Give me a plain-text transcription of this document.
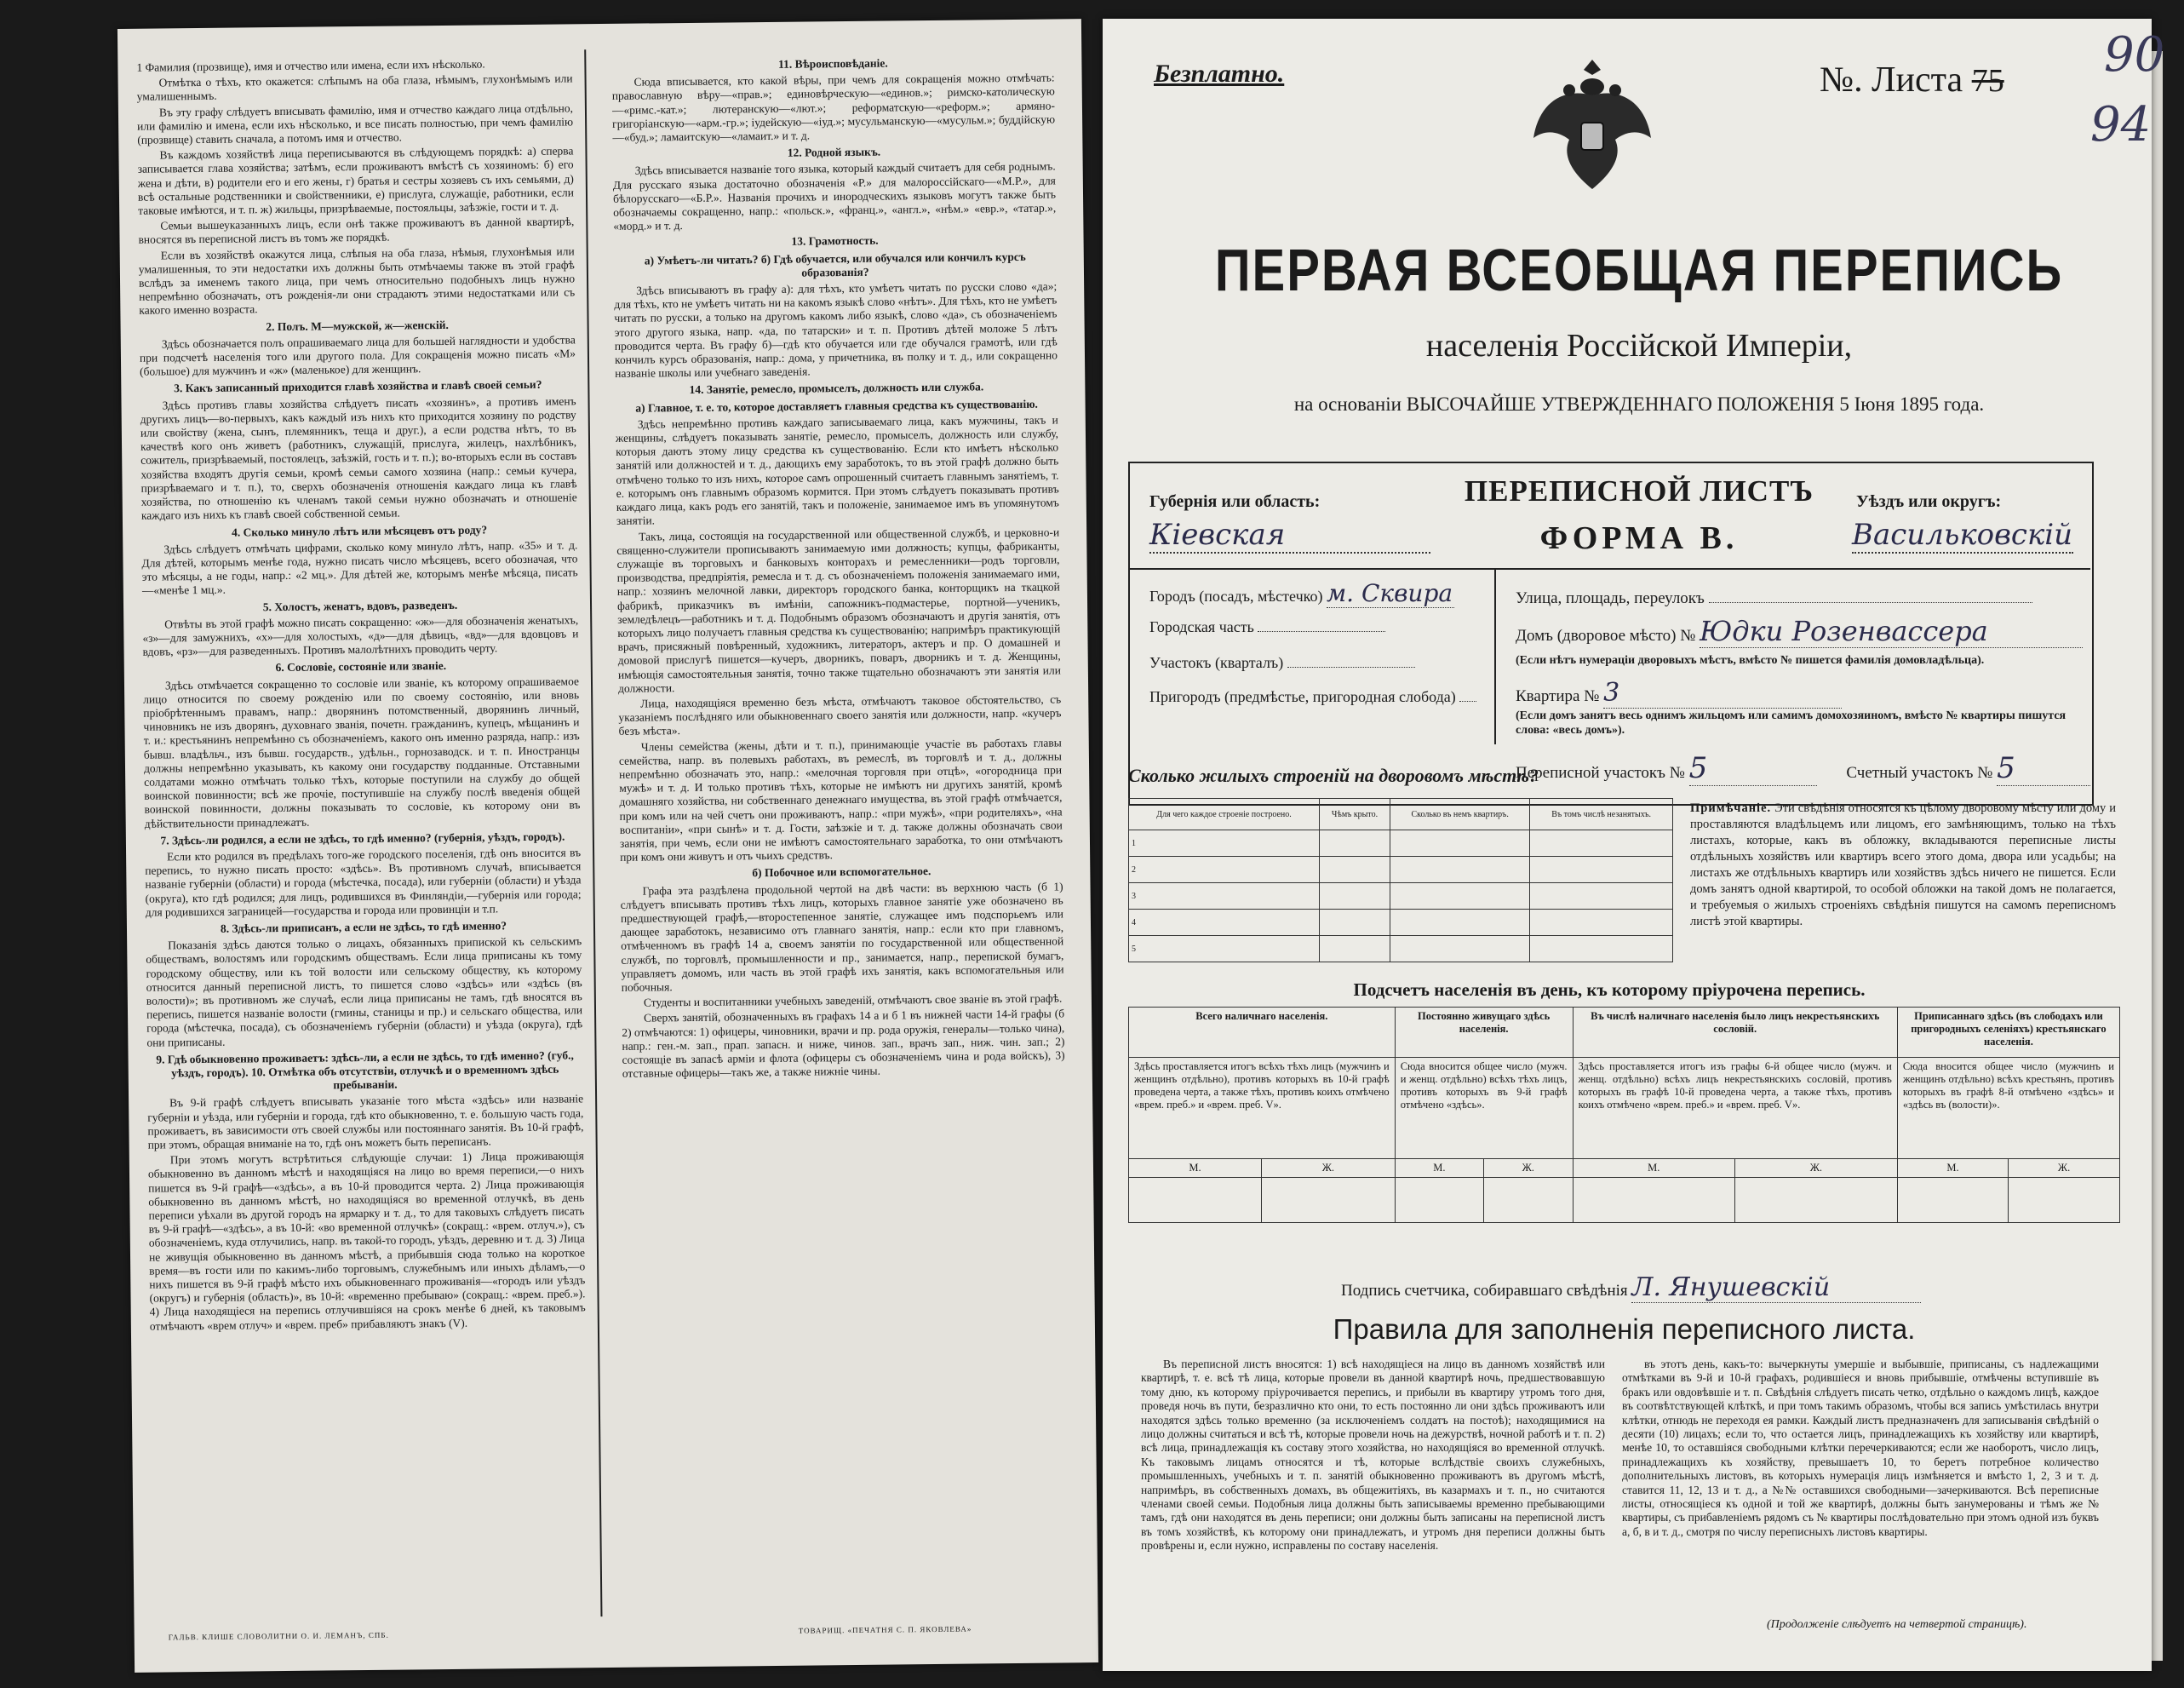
1 Фамилия (прозвище), имя и отчество или имена, если ихъ нѣсколько.

Отмѣтка о тѣхъ, кто окажется: слѣпымъ на оба глаза, нѣмымъ, глухонѣмымъ или умалишеннымъ.

Въ эту графу слѣдуетъ вписывать фамилію, имя и отчество каждаго лица отдѣльно, или фамилію и имена, если ихъ нѣсколько, и все писать полностью, при чемъ фамилію (прозвище) ставить сначала, а потомъ имя и отчество.

Въ каждомъ хозяйствѣ лица переписываются въ слѣдующемъ порядкѣ: а) сперва записывается глава хозяйства; затѣмъ, если проживаютъ вмѣстѣ съ хозяиномъ: б) его жена и дѣти, в) родители его и его жены, г) братья и сестры хозяевъ съ ихъ семьями, д) всѣ остальные родственники и свойственники, е) прислуга, служащіе, работники, если таковые имѣются, и т. п. ж) жильцы, призрѣваемые, постояльцы, заѣзжіе, гости и т. д.

Семьи вышеуказанныхъ лицъ, если онѣ также проживаютъ въ данной квартирѣ, вносятся въ переписной листъ въ томъ же порядкѣ.

Если въ хозяйствѣ окажутся лица, слѣпыя на оба глаза, нѣмыя, глухонѣмыя или умалишенныя, то эти недостатки ихъ должны быть отмѣчаемы также въ этой графѣ вслѣдъ за именемъ такого лица, при чемъ относительно подобныхъ лицъ нужно непремѣнно обозначать, отъ рожденія-ли они страдаютъ этими недостатками или съ какого именно возраста.

2. Полъ. М—мужской, ж—женскій.

Здѣсь обозначается полъ опрашиваемаго лица для большей наглядности и удобства при подсчетѣ населенія того или другого пола. Для сокращенія можно писать «М» (большое) для мужчинъ и «ж» (маленькое) для женщинъ.

3. Какъ записанный приходится главѣ хозяйства и главѣ своей семьи?

Здѣсь противъ главы хозяйства слѣдуетъ писать «хозяинъ», а противъ именъ другихъ лицъ—во-первыхъ, какъ каждый изъ нихъ кто приходится хозяину по родству или свойству (жена, сынъ, племянникъ, теща и друг.), а если родства нѣтъ, то въ качествѣ кого онъ живетъ (работникъ, служащій, прислуга, жилецъ, нахлѣбникъ, сожитель, призрѣваемый, постоялецъ, заѣзжій, гость и т. п.); во-вторыхъ если въ составъ хозяйства входятъ другія семьи, кромѣ семьи самого хозяина (напр.: семьи кучера, призрѣваемаго и т. п.), то, сверхъ обозначенія отношенія каждаго лица къ главѣ хозяйства, по отношенію къ членамъ такой семьи нужно обозначать и отношеніе каждаго изъ нихъ къ главѣ своей собственной семьи.

4. Сколько минуло лѣтъ или мѣсяцевъ отъ роду?

Здѣсь слѣдуетъ отмѣчать цифрами, сколько кому минуло лѣтъ, напр. «35» и т. д. Для дѣтей, которымъ менѣе года, нужно писать число мѣсяцевъ, всего обозначая, что это мѣсяцы, а не годы, напр.: «2 мц.». Для дѣтей же, которымъ менѣе мѣсяца, писать—«менѣе 1 мц.».

5. Холостъ, женатъ, вдовъ, разведенъ.

Отвѣты въ этой графѣ можно писать сокращенно: «ж»—для обозначенія женатыхъ, «з»—для замужнихъ, «х»—для холостыхъ, «д»—для дѣвицъ, «вд»—для вдовцовъ и вдовъ, «рз»—для разведенныхъ. Противъ малолѣтнихъ проводить черту.

6. Сословіе, состояніе или званіе.

Здѣсь отмѣчается сокращенно то сословіе или званіе, къ которому опрашиваемое лицо относится по своему рожденію или по своему состоянію, или вновь пріобрѣтеннымъ правамъ, напр.: дворянинъ потомственный, дворянинъ личный, чиновникъ не изъ дворянъ, духовнаго званія, почетн. гражданинъ, купецъ, мѣщанинъ и т. и.: крестьянинъ непремѣнно съ обозначеніемъ, какого онъ именно разряда, напр.: изъ бывш. владѣльч., изъ бывш. государств., удѣльн., горнозаводск. и т. п. Иностранцы должны непремѣнно указывать, къ какому они государству подданные. Отставными солдатами можно отмѣчать только тѣхъ, которые поступили на службу до общей воинской повинности; всѣ же прочіе, поступившіе на службу послѣ введенія общей воинской повинности, должны показывать то сословіе, къ которому они въ дѣйствительности принадлежатъ.

7. Здѣсь-ли родился, а если не здѣсь, то гдѣ именно? (губернія, уѣздъ, городъ).

Если кто родился въ предѣлахъ того-же городского поселенія, гдѣ онъ вносится въ перепись, то нужно писать просто: «здѣсь». Въ противномъ случаѣ, вписывается названіе губерніи (области) и города (мѣстечка, посада), или губерніи (области) и уѣзда (округа), кто гдѣ родился; для лицъ, родившихся въ Финляндіи,—губернія или города; для родившихся заграницей—государства и города или провинціи и т.п.

8. Здѣсь-ли приписанъ, а если не здѣсь, то гдѣ именно?

Показанія здѣсь даются только о лицахъ, обязанныхъ припиской къ сельскимъ обществамъ, волостямъ или городскимъ обществамъ. Если лица приписаны къ тому городскому обществу, или къ той волости или сельскому обществу, къ которому относится данный переписной листъ, то пишется слово «здѣсь» или «здѣсь (въ волости)»; въ противномъ же случаѣ, если лица приписаны не тамъ, гдѣ вносятся въ перепись, пишется названіе волости (гмины, станицы и пр.) и сельскаго общества, или города (мѣстечка, посада), съ обозначеніемъ губерніи (области) и уѣзда (округа), гдѣ они приписаны.

9. Гдѣ обыкновенно проживаетъ: здѣсь-ли, а если не здѣсь, то гдѣ именно? (губ., уѣздъ, городъ). 10. Отмѣтка объ отсутствіи, отлучкѣ и о временномъ здѣсь пребываніи.

Въ 9-й графѣ слѣдуетъ вписывать указаніе того мѣста «здѣсь» или названіе губерніи и уѣзда, или губерніи и города, гдѣ кто обыкновенно, т. е. большую часть года, проживаетъ, въ зависимости отъ своей службы или постояннаго занятія. Въ 10-й графѣ, при этомъ, обращая вниманіе на то, гдѣ онъ можетъ быть переписанъ.

При этомъ могутъ встрѣтиться слѣдующіе случаи: 1) Лица проживающія обыкновенно въ данномъ мѣстѣ и находящіяся на лицо во время переписи,—о нихъ пишется въ 9-й графѣ—«здѣсь», а въ 10-й проводится черта. 2) Лица проживающія обыкновенно въ данномъ мѣстѣ, но находящіяся во временной отлучкѣ, въ день переписи уѣхали въ другой городъ на ярмарку и т. д., то для таковыхъ слѣдуетъ писать въ 9-й графѣ—«здѣсь», а въ 10-й: «во временной отлучкѣ» (сокращ.: «врем. отлуч.»), съ обозначеніемъ, куда отлучились, напр. въ такой-то городъ, уѣздъ, деревню и т. д. 3) Лица не живущія обыкновенно въ данномъ мѣстѣ, а прибывшія сюда только на короткое время—въ гости или по какимъ-либо торговымъ, служебнымъ или иныхъ дѣламъ,—о нихъ пишется въ 9-й графѣ мѣсто ихъ обыкновеннаго проживанія—«городъ или уѣздъ (округъ) и губернія (область)», въ 10-й: «временно пребываю» (сокращ.: «врем. преб.»). 4) Лица находящіеся на перепись отлучившіяся на срокъ менѣе 6 дней, къ таковымъ отмѣчаютъ «врем отлуч» и «врем. преб» прибавляютъ знакъ (V).

11. Вѣроисповѣданіе.

Сюда вписывается, кто какой вѣры, при чемъ для сокращенія можно отмѣчать: православную вѣру—«прав.»; единовѣрческую—«единов.»; римско-католическую—«римс.-кат.»; лютеранскую—«лют.»; реформатскую—«реформ.»; армяно-григоріанскую—«арм.-гр.»; іудейскую—«іуд.»; мусульманскую—«мусульм.»; буддійскую—«буд.»; ламаитскую—«ламаит.» и т. д.

12. Родной языкъ.

Здѣсь вписывается названіе того языка, который каждый считаетъ для себя роднымъ. Для русскаго языка достаточно обозначенія «Р.» для малороссійскаго—«М.Р.», для бѣлорусскаго—«Б.Р.». Названія прочихъ и инородческихъ языковъ могутъ также быть обозначаемы сокращенно, напр.: «польск.», «франц.», «англ.», «нѣм.» «евр.», «татар.», «морд.» и т. д.

13. Грамотность.

а) Умѣетъ-ли читать? б) Гдѣ обучается, или обучался или кончилъ курсъ образованія?

Здѣсь вписываютъ въ графу а): для тѣхъ, кто умѣетъ читать по русски слово «да»; для тѣхъ, кто не умѣетъ читать ни на какомъ языкѣ слово «нѣтъ». Для тѣхъ, кто не умѣетъ читать по русски, а только на другомъ какомъ либо языкѣ, слово «да», съ обозначеніемъ этого другого языка, напр. «да, по татарски» и т. п. Противъ дѣтей моложе 5 лѣтъ проводится черта. Въ графу б)—гдѣ кто обучается или где обучался грамотѣ, или гдѣ кончилъ курсъ образованія, напр.: дома, у причетника, въ полку и т. д., или сокращенно названіе школы или учебнаго заведенія.

14. Занятіе, ремесло, промыселъ, должность или служба.

а) Главное, т. е. то, которое доставляетъ главныя средства къ существованію.

Здѣсь непремѣнно противъ каждаго записываемаго лица, какъ мужчины, такъ и женщины, слѣдуетъ показывать занятіе, ремесло, промыселъ, должность или службу, которыя даютъ этому лицу средства къ существованію. Если кто имѣетъ нѣсколько занятій или должностей и т. д., дающихъ ему заработокъ, то въ этой графѣ должно быть отмѣчено только то изъ нихъ, которое самъ опрошенный считаетъ главнымъ занятіемъ, т. е. которымъ онъ главнымъ образомъ кормится. При этомъ слѣдуетъ показывать противъ каждаго лица, какъ родъ его занятій, такъ и положеніе, занимаемое имъ въ упомянутомъ занятіи.

Такъ, лица, состоящія на государственной или общественной службѣ, и церковно-и священно-служители прописываютъ занимаемую ими должность; купцы, фабриканты, служащіе въ торговыхъ и банковыхъ конторахъ и ремесленники—родъ торговли, производства, предпріятія, ремесла и т. д. съ обозначеніемъ положенія занимаемаго ими, напр.: хозяинъ мелочной лавки, директоръ городского банка, конторщикъ на ткацкой фабрикѣ, приказчикъ въ имѣніи, сапожникъ-подмастерье, портной—ученикъ, земледѣлецъ—работникъ и т. д. Подобнымъ образомъ обозначаютъ и другія занятія, отъ которыхъ лицо получаетъ главныя средства къ существованію; напримѣръ практикующій врачъ, присяжный повѣренный, художникъ, литераторъ, актеръ и пр. О домашней и домовой прислугѣ пишется—кучеръ, дворникъ, поваръ, дворникъ и т. д. Женщины, имѣющія самостоятельныя занятія, точно также тщательно обозначаютъ эти занятія или должности.

Лица, находящіяся временно безъ мѣста, отмѣчаютъ таковое обстоятельство, съ указаніемъ послѣдняго или обыкновеннаго своего занятія или должности, напр. «кучеръ безъ мѣста».

Члены семейства (жены, дѣти и т. п.), принимающіе участіе въ работахъ главы семейства, напр. въ полевыхъ работахъ, въ ремеслѣ, въ торговлѣ и т. д., должны непремѣнно обозначать это, напр.: «мелочная торговля при отцѣ», «огородница при мужѣ» и т. д. И только противъ тѣхъ, которые не имѣютъ ни другихъ занятій, кромѣ домашняго хозяйства, ни собственнаго денежнаго имущества, въ этой графѣ отмѣчается, при комъ или на чей счетъ они проживаютъ, напр.: «при мужѣ», «при родителяхъ», «на воспитаніи», «при сынѣ» и т. д. Гости, заѣзжіе и т. д. также должны обозначать свои занятія, при чемъ, если они не имѣютъ самостоятельнаго заработка, то они отмѣчаютъ при комъ они живутъ и отъ чьихъ средствъ.

б) Побочное или вспомогательное.

Графа эта раздѣлена продольной чертой на двѣ части: въ верхнюю часть (б 1) слѣдуетъ вписывать противъ тѣхъ лицъ, которыхъ главное занятіе уже обозначено въ предшествующей графѣ,—второстепенное занятіе, служащее имъ подспорьемъ или дающее заработокъ, независимо отъ главнаго занятія, напр.: если кто при главномъ, отмѣченномъ въ графѣ 14 а, своемъ занятіи по государственной или общественной службѣ, по торговлѣ, промышленности и пр., занимается, напр., перепиской бумагъ, управляетъ домомъ, или часть въ этой графѣ ихъ занятія, какъ вспомогательныя или побочныя.

Студенты и воспитанники учебныхъ заведеній, отмѣчаютъ свое званіе въ этой графѣ.

Сверхъ занятій, обозначенныхъ въ графахъ 14 а и б 1 въ нижней части 14-й графы (б 2) отмѣчаются: 1) офицеры, чиновники, врачи и пр. рода оружія, генералы—только чина), напр.: ген.-м. зап., прап. запасн. и ниже, чинов. зап., врачъ зап., ниж. чин. зап.; 2) состоящіе въ запасѣ армiи и флота (офицеры съ обозначеніемъ чина и рода войскъ), 3) отставные офицеры—такъ же, а также нижніе чины.

ГАЛЬВ. КЛИШЕ СЛОВОЛИТНИ О. И. ЛЕМАНЪ, СПБ.
ТОВАРИЩ. «ПЕЧАТНЯ С. П. ЯКОВЛЕВА»
Безплатно.	№. Листа 75 90
94
ПЕРВАЯ ВСЕОБЩАЯ ПЕРЕПИСЬ
населенія Россійской Имперіи,
на основаніи ВЫСОЧАЙШЕ УТВЕРЖДЕННАГО ПОЛОЖЕНІЯ 5 Іюня 1895 года.
Губернія или область:
Кіевская
ПЕРЕПИСНОЙ ЛИСТЪ
ФОРМА В.
Уѣздъ или округъ:
Васильковскій
Улица, площадь, переулокъ
Домъ (дворовое мѣсто) № Юдки Розенвассера
(Если нѣтъ нумераціи дворовыхъ мѣстъ, вмѣсто № пишется фамилія домовладѣльца).
Квартира № 3
(Если домъ занятъ весь однимъ жильцомъ или самимъ домохозяиномъ, вмѣсто № квартиры пишутся слова: «весь домъ»).
Переписной участокъ № 5	Счетный участокъ № 5
Сколько жилыхъ строеній на дворовомъ мѣстѣ?
Для чего каждое строеніе построено.	Чѣмъ крыто.	Сколько въ немъ квартиръ.	Въ томъ числѣ незанятыхъ.
1			
2			
3			
4			
5			
Примѣчаніе. Эти свѣдѣнія относятся къ цѣлому дворовому мѣсту или дому и проставляются владѣльцемъ или лицомъ, его замѣняющимъ, только на тѣхъ листахъ, которые, какъ въ обложку, вкладываются переписные листы отдѣльныхъ хозяйствъ или квартиръ всего этого дома, двора или усадьбы; на листахъ же отдѣльныхъ квартиръ или хозяйствъ здѣсь ничего не пишется. Если домъ занятъ одной квартирой, то особой обложки на такой домъ не полагается, и требуемыя о жилыхъ строеніяхъ свѣдѣнія пишутся на самомъ переписномъ листѣ этой квартиры.
Подсчетъ населенія въ день, къ которому пріурочена перепись.
Всего наличнаго населенія.		Постоянно живущаго здѣсь населенія.		Въ числѣ наличнаго населенія было лицъ некрестьянскихъ сословій.		Приписаннаго здѣсь (въ слободахъ или пригородныхъ селеніяхъ) крестьянскаго населенія.	
Здѣсь проставляется итогъ всѣхъ тѣхъ лицъ (мужчинъ и женщинъ отдѣльно), противъ которыхъ въ 10-й графѣ проведена черта, а также тѣхъ, противъ коихъ отмѣчено «врем. преб.» и «врем. преб. V».		Сюда вносится общее число (мужч. и женщ. отдѣльно) всѣхъ тѣхъ лицъ, противъ которыхъ въ 9-й графѣ отмѣчено «здѣсь».		Здѣсь проставляется итогъ изъ графы 6-й общее число (мужч. и женщ. отдѣльно) всѣхъ лицъ некрестьянскихъ сословій, противъ которыхъ въ графѣ 10-й проведена черта, а также тѣхъ, противъ коихъ отмѣчено «врем. преб.» и «врем. преб. V».		Сюда вносится общее число (мужчинъ и женщинъ отдѣльно) всѣхъ крестьянъ, противъ которыхъ въ графѣ 8-й отмѣчено «здѣсь» и «здѣсь въ (волости)».	
М.	Ж.	М.	Ж.	М.	Ж.	М.	Ж.

Подпись счетчика, собиравшаго свѣдѣнія Л. Янушевскій
Правила для заполненія переписного листа.

Въ переписной листъ вносятся: 1) всѣ находящіеся на лицо въ данномъ хозяйствѣ или квартирѣ, т. е. всѣ тѣ лица, которые провели въ данной квартирѣ ночь, предшествовавшую тому дню, къ которому пріурочивается перепись, и прибыли въ квартиру утромъ того дня, проведя ночь въ пути, безразлично кто они, то есть постоянно ли они здѣсь проживаютъ или находятся здѣсь только временно (за исключеніемъ солдатъ на постоѣ); находящимися на лицо должны считаться и всѣ тѣ, которые провели ночь на дежурствѣ, ночной работѣ и т. п. 2) всѣ лица, принадлежащія къ составу этого хозяйства, но находящіяся во временной отлучкѣ. Къ таковымъ лицамъ относятся и тѣ, которые вслѣдствіе своихъ служебныхъ, промышленныхъ, учебныхъ и т. п. занятій обыкновенно проживаютъ въ другомъ мѣстѣ, напримѣръ, въ собственныхъ домахъ, въ общежитіяхъ, въ казармахъ и т. п., но считаются членами своей семьи. Подобныя лица должны быть записываемы временно пребывающими тамъ, гдѣ они находятся въ день переписи; они должны быть записаны на переписной листъ въ томъ хозяйствѣ, къ которому они принадлежатъ, и утромъ дня переписи должны быть провѣрены и, если нужно, исправлены по составу населенія.

въ этотъ день, какъ-то: вычеркнуты умершіе и выбывшіе, приписаны, съ надлежащими отмѣтками въ 9-й и 10-й графахъ, родившіеся и вновь прибывшіе, отмѣчены вступившіе въ бракъ или овдовѣвшіе и т. п. Свѣдѣнія слѣдуетъ писать четко, отдѣльно о каждомъ лицѣ, каждое въ соотвѣтствующей клѣткѣ, и при томъ такимъ образомъ, чтобы вся запись умѣстилась внутри клѣтки, отнюдь не переходя ея рамки. Каждый листъ предназначенъ для записыванія свѣдѣній о десяти (10) лицахъ; если то, что остается лицъ, принадлежащихъ къ хозяйству или квартирѣ, менѣе 10, то оставшіяся свободными клѣтки перечеркиваются; если же наоборотъ, число лицъ, принадлежащихъ къ хозяйству, превышаетъ 10, то беретъ потребное количество дополнительныхъ листовъ, въ которыхъ нумерація лицъ измѣняется и вмѣсто 1, 2, 3 и т. д. ставится 11, 12, 13 и т. д., а №№ оставшихся свободными—зачеркиваются. Всѣ переписные листы, относящіеся къ одной и той же квартирѣ, должны быть занумерованы и тѣмъ же № квартиры, съ прибавленіемъ рядомъ съ № квартиры послѣдовательно при этомъ одной изъ буквъ а, б, в и т. д., смотря по числу переписныхъ листовъ квартиры.

(Продолженіе слѣдуетъ на четвертой страницѣ).
Городъ (посадъ, мѣстечко) м. Сквира
Городская часть
Участокъ (кварталъ)
Пригородъ (предмѣстье, пригородная слобода)
